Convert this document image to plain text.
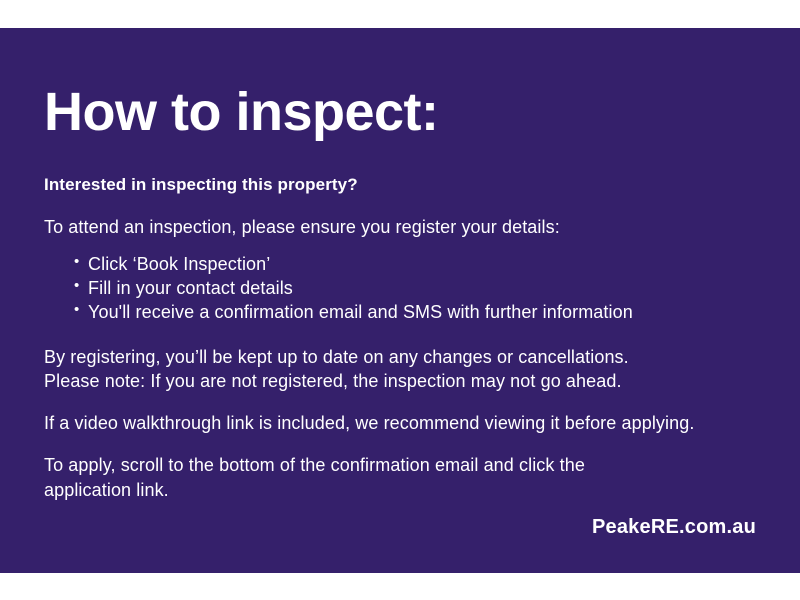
How to inspect:

Interested in inspecting this property?

To attend an inspection, please ensure you register your details:

• Click ‘Book Inspection’
• Fill in your contact details
• You'll receive a confirmation email and SMS with further information

By registering, you’ll be kept up to date on any changes or cancellations.
Please note: If you are not registered, the inspection may not go ahead.

If a video walkthrough link is included, we recommend viewing it before applying.

To apply, scroll to the bottom of the confirmation email and click the
application link.

PeakeRE.com.au
